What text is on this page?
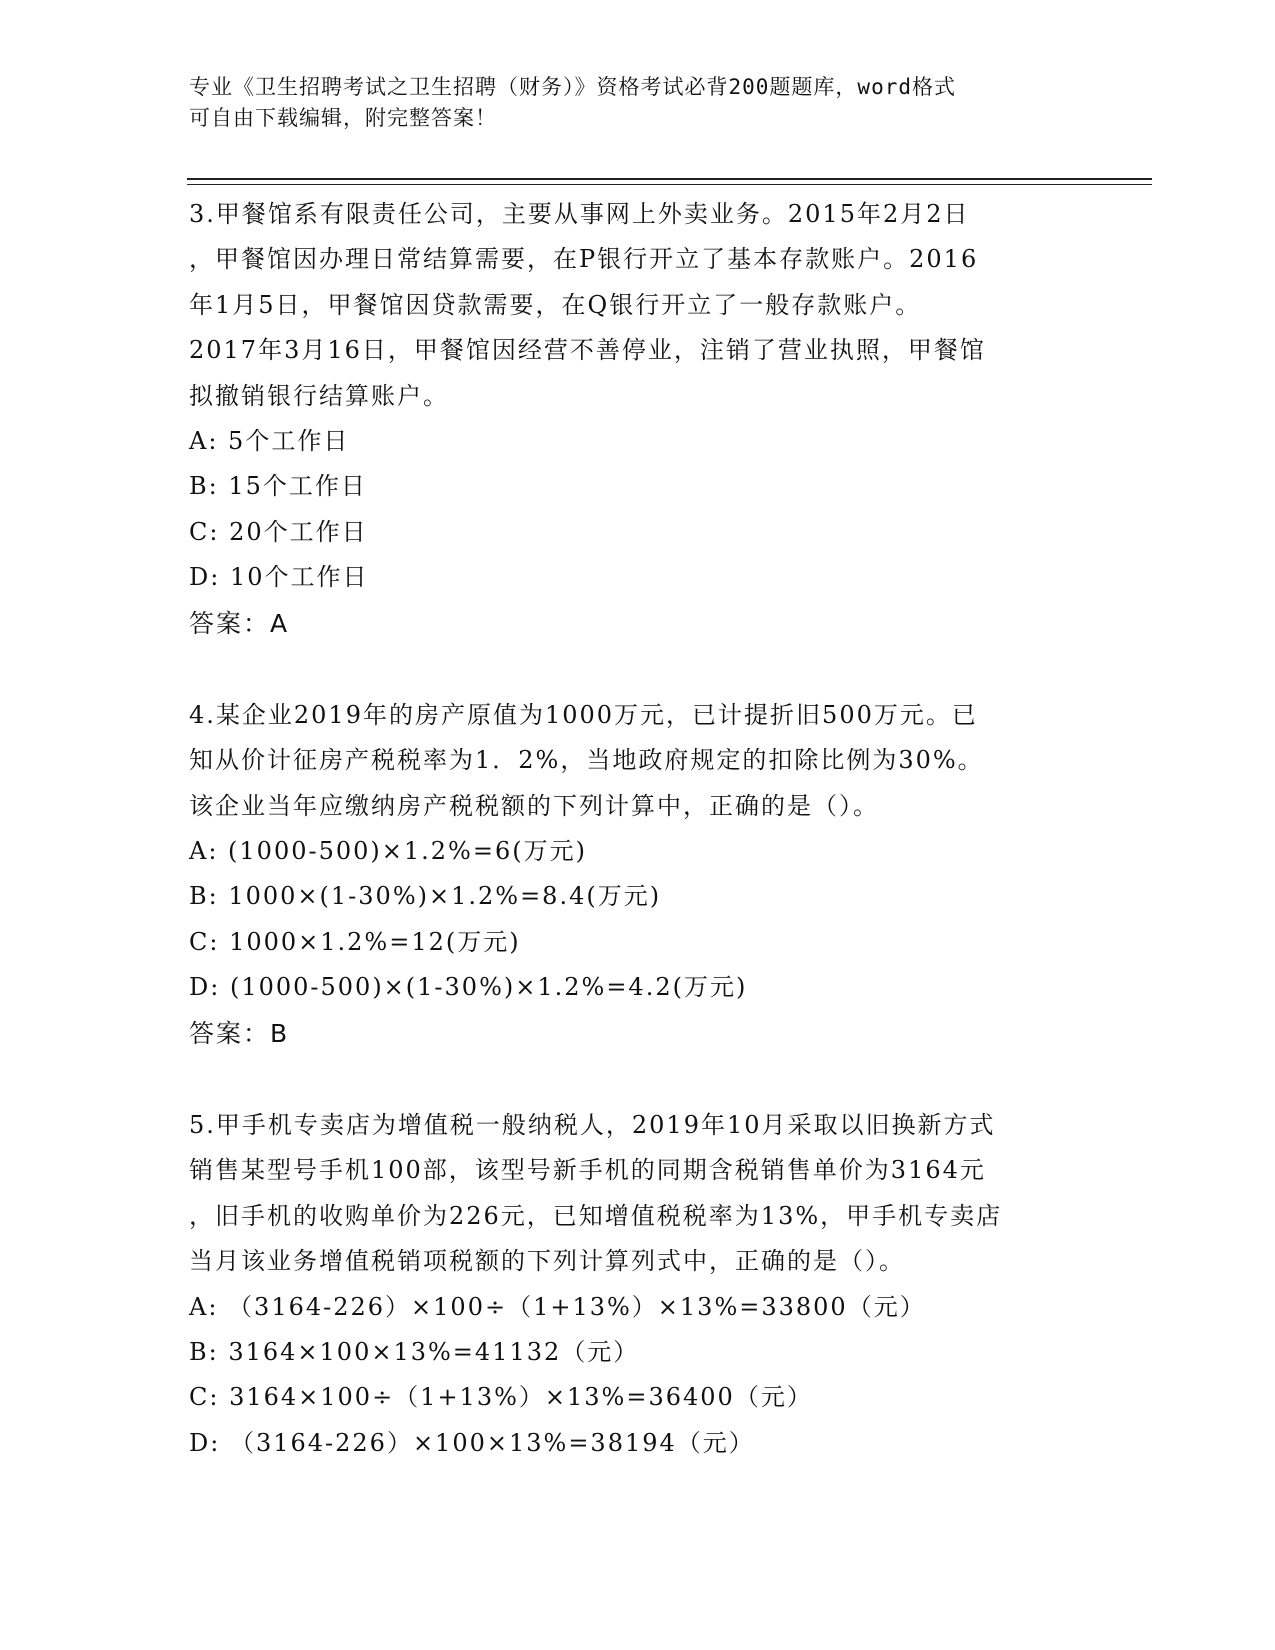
专业《卫生招聘考试之卫生招聘（财务）》资格考试必背200题题库，word格式
可自由下载编辑，附完整答案！
3.甲餐馆系有限责任公司，主要从事网上外卖业务。2015年2月2日
，甲餐馆因办理日常结算需要，在P银行开立了基本存款账户。2016
年1月5日，甲餐馆因贷款需要，在Q银行开立了一般存款账户。
2017年3月16日，甲餐馆因经营不善停业，注销了营业执照，甲餐馆
拟撤销银行结算账户。
A: 5个工作日
B: 15个工作日
C: 20个工作日
D: 10个工作日
答案：A
4.某企业2019年的房产原值为1000万元，已计提折旧500万元。已
知从价计征房产税税率为1．2%，当地政府规定的扣除比例为30%。
该企业当年应缴纳房产税税额的下列计算中，正确的是（）。
A: (1000-500)×1.2%=6(万元)
B: 1000×(1-30%)×1.2%=8.4(万元)
C: 1000×1.2%=12(万元)
D: (1000-500)×(1-30%)×1.2%=4.2(万元)
答案：B
5.甲手机专卖店为增值税一般纳税人，2019年10月采取以旧换新方式
销售某型号手机100部，该型号新手机的同期含税销售单价为3164元
，旧手机的收购单价为226元，已知增值税税率为13%，甲手机专卖店
当月该业务增值税销项税额的下列计算列式中，正确的是（）。
A: （3164-226）×100÷（1+13%）×13%=33800（元）
B: 3164×100×13%=41132（元）
C: 3164×100÷（1+13%）×13%=36400（元）
D: （3164-226）×100×13%=38194（元）
